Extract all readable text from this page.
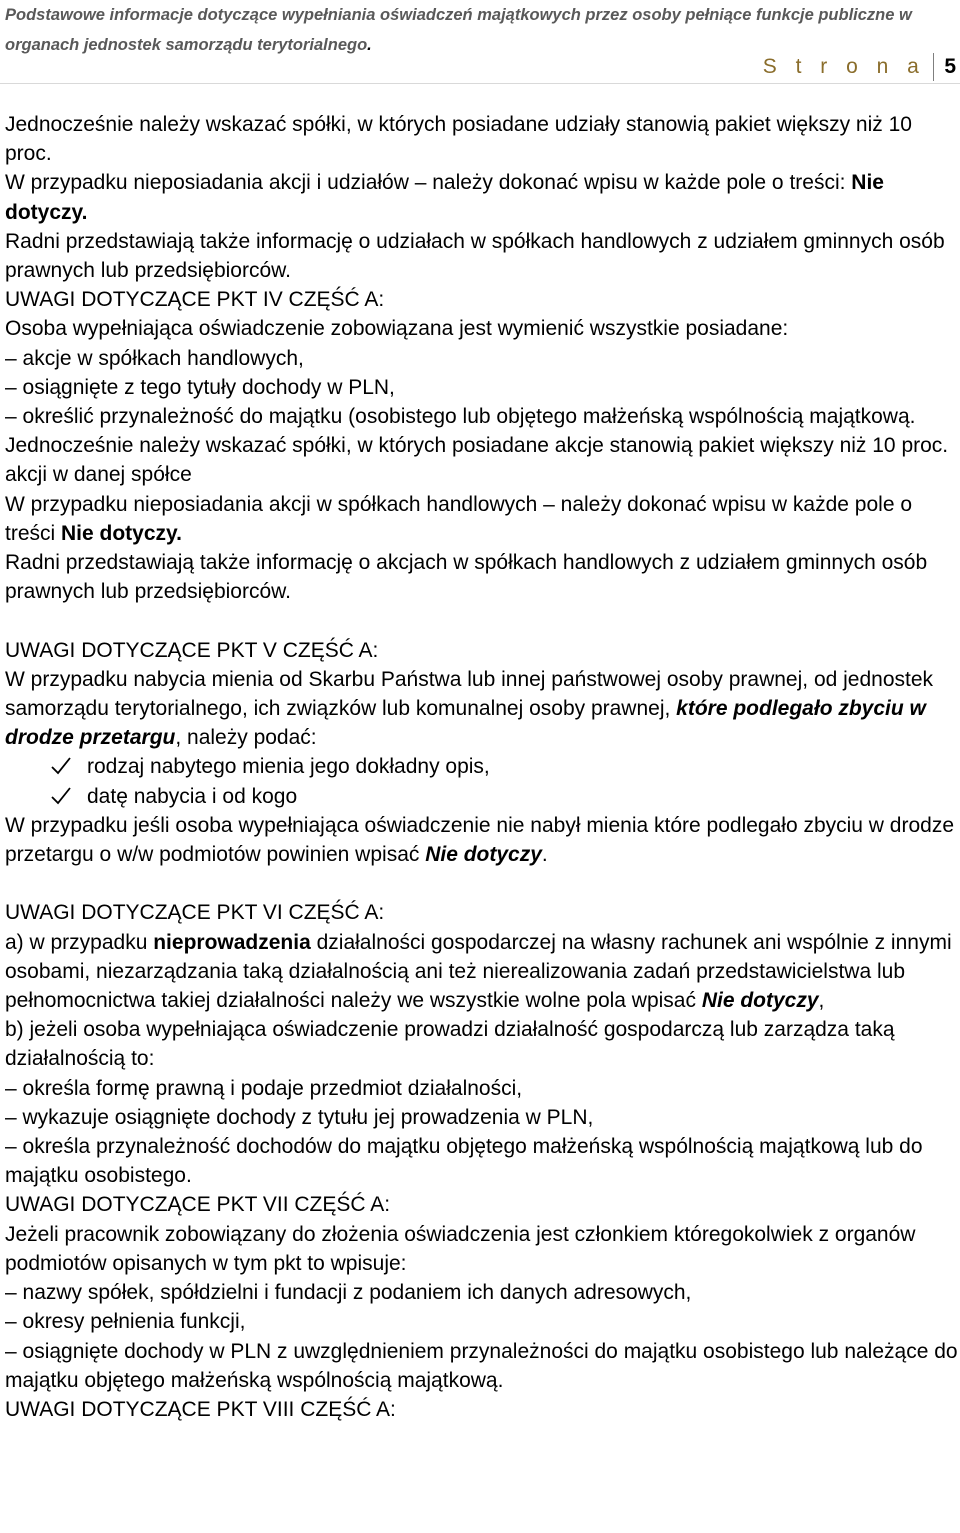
Podstawowe informacje dotyczące wypełniania oświadczeń majątkowych przez osoby pełniące funkcje publiczne w organach jednostek samorządu terytorialnego.

S t r o n a 5

Jednocześnie należy wskazać spółki, w których posiadane udziały stanowią pakiet większy niż 10 proc.

W przypadku nieposiadania akcji i udziałów – należy dokonać wpisu w każde pole o treści: Nie dotyczy.

Radni przedstawiają także informację o udziałach w spółkach handlowych z udziałem gminnych osób prawnych lub przedsiębiorców.

UWAGI DOTYCZĄCE PKT IV CZĘŚĆ A:

Osoba wypełniająca oświadczenie zobowiązana jest wymienić wszystkie posiadane:

– akcje w spółkach handlowych,

– osiągnięte z tego tytuły dochody w PLN,

– określić przynależność do majątku (osobistego lub objętego małżeńską wspólnością majątkową.

Jednocześnie należy wskazać spółki, w których posiadane akcje stanowią pakiet większy niż 10 proc. akcji w danej spółce

W przypadku nieposiadania akcji w spółkach handlowych – należy dokonać wpisu w każde pole o treści Nie dotyczy.

Radni przedstawiają także informację o akcjach w spółkach handlowych z udziałem gminnych osób prawnych lub przedsiębiorców.

UWAGI DOTYCZĄCE PKT V CZĘŚĆ A:

W przypadku nabycia mienia od Skarbu Państwa lub innej państwowej osoby prawnej, od jednostek samorządu terytorialnego, ich związków lub komunalnej osoby prawnej, które podlegało zbyciu w drodze przetargu, należy podać:

rodzaj nabytego mienia jego dokładny opis,

datę nabycia i od kogo

W przypadku jeśli osoba wypełniająca oświadczenie nie nabył mienia które podlegało zbyciu w drodze przetargu o w/w podmiotów powinien wpisać Nie dotyczy.

UWAGI DOTYCZĄCE PKT VI CZĘŚĆ A:

a) w przypadku nieprowadzenia działalności gospodarczej na własny rachunek ani wspólnie z innymi osobami, niezarządzania taką działalnością ani też nierealizowania zadań przedstawicielstwa lub pełnomocnictwa takiej działalności należy we wszystkie wolne pola wpisać Nie dotyczy,

b) jeżeli osoba wypełniająca oświadczenie prowadzi działalność gospodarczą lub zarządza taką działalnością to:

– określa formę prawną i podaje przedmiot działalności,

– wykazuje osiągnięte dochody z tytułu jej prowadzenia w PLN,

– określa przynależność dochodów do majątku objętego małżeńską wspólnością majątkową lub do majątku osobistego.

UWAGI DOTYCZĄCE PKT VII CZĘŚĆ A:

Jeżeli pracownik zobowiązany do złożenia oświadczenia jest członkiem któregokolwiek z organów podmiotów opisanych w tym pkt to wpisuje:

– nazwy spółek, spółdzielni i fundacji z podaniem ich danych adresowych,

– okresy pełnienia funkcji,

– osiągnięte dochody w PLN z uwzględnieniem przynależności do majątku osobistego lub należące do majątku objętego małżeńską wspólnością majątkową.

UWAGI DOTYCZĄCE PKT VIII CZĘŚĆ A:
